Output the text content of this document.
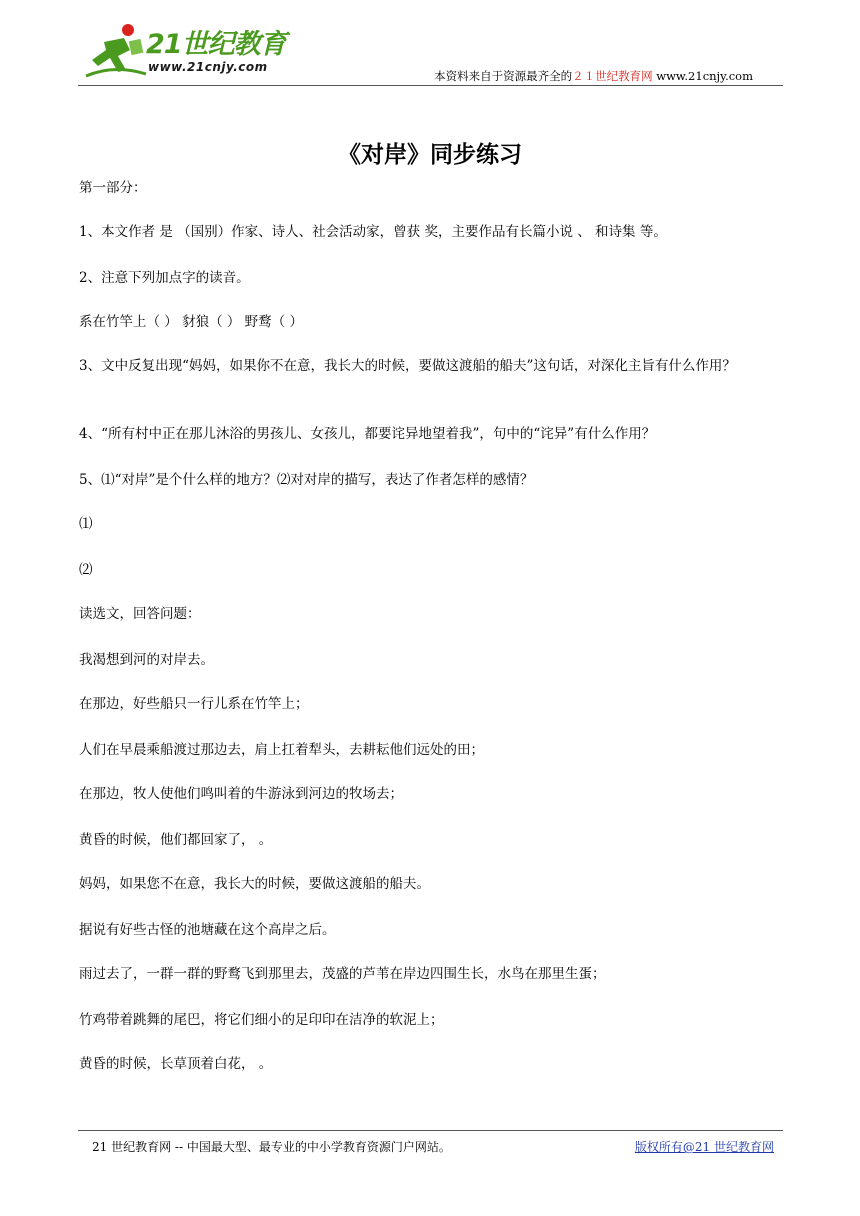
21世纪教育
www.21cnjy.com
本资料来自于资源最齐全的２１世纪教育网 www.21cnjy.com
《对岸》同步练习
第一部分：
1、本文作者 是 （国别）作家、诗人、社会活动家，曾获 奖，主要作品有长篇小说 、 和诗集 等。
2、注意下列加点字的读音。
系在竹竿上（ ） 豺狼（ ） 野鹜（ ）
3、文中反复出现“妈妈，如果你不在意，我长大的时候，要做这渡船的船夫”这句话，对深化主旨有什么作用？
4、“所有村中正在那儿沐浴的男孩儿、女孩儿，都要诧异地望着我”，句中的“诧异”有什么作用？
5、⑴“对岸”是个什么样的地方？⑵对对岸的描写，表达了作者怎样的感情？
⑴
⑵
读选文，回答问题：
我渴想到河的对岸去。
在那边，好些船只一行儿系在竹竿上；
人们在早晨乘船渡过那边去，肩上扛着犁头，去耕耘他们远处的田；
在那边，牧人使他们鸣叫着的牛游泳到河边的牧场去；
黄昏的时候，他们都回家了， 。
妈妈，如果您不在意，我长大的时候，要做这渡船的船夫。
据说有好些古怪的池塘藏在这个高岸之后。
雨过去了，一群一群的野鹜飞到那里去，茂盛的芦苇在岸边四围生长，水鸟在那里生蛋；
竹鸡带着跳舞的尾巴，将它们细小的足印印在洁净的软泥上；
黄昏的时候，长草顶着白花， 。
21 世纪教育网 -- 中国最大型、最专业的中小学教育资源门户网站。	版权所有@21 世纪教育网
